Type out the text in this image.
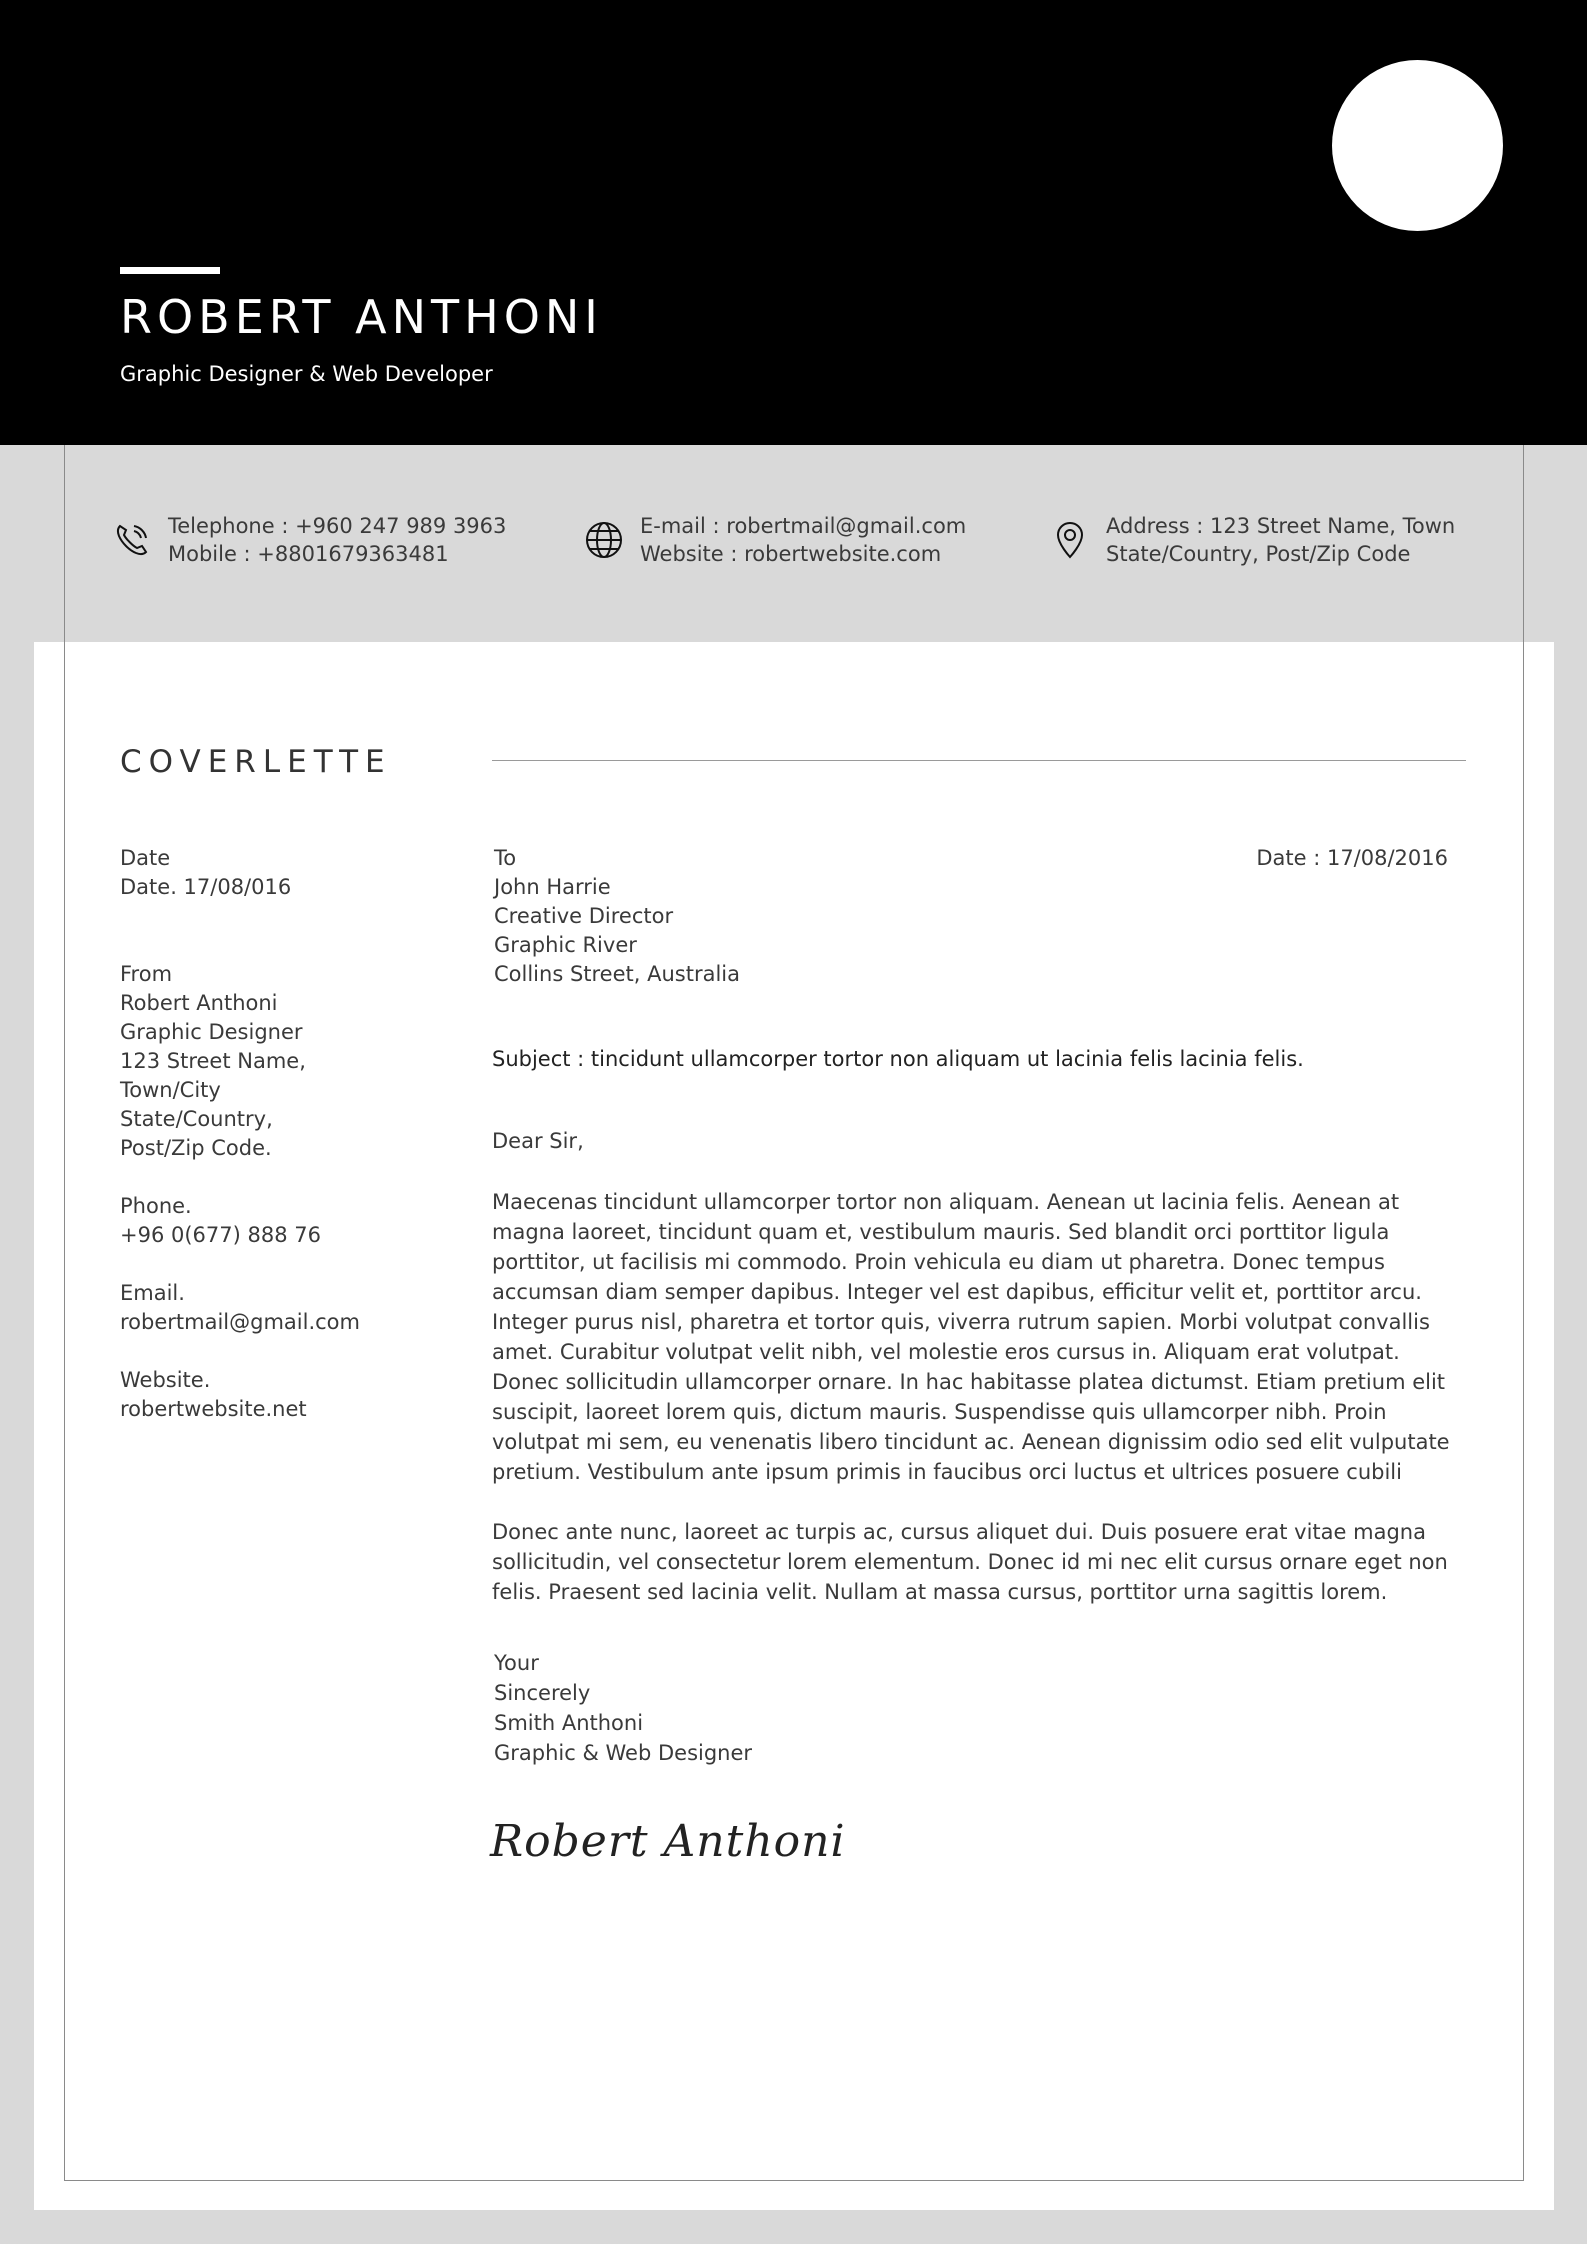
ROBERT ANTHONI
Graphic Designer & Web Developer
Telephone : +960 247 989 3963
Mobile : +8801679363481
E-mail : robertmail@gmail.com
Website : robertwebsite.com
Address : 123 Street Name, Town
State/Country, Post/Zip Code
COVERLETTE
Date
Date. 17/08/016
From
Robert Anthoni
Graphic Designer
123 Street Name,
Town/City
State/Country,
Post/Zip Code.
Phone.
+96 0(677) 888 76
Email.
robertmail@gmail.com
Website.
robertwebsite.net
To
John Harrie
Creative Director
Graphic River
Collins Street, Australia
Date : 17/08/2016
Subject : tincidunt ullamcorper tortor non aliquam ut lacinia felis lacinia felis.
Dear Sir,
Maecenas tincidunt ullamcorper tortor non aliquam. Aenean ut lacinia felis. Aenean at magna laoreet, tincidunt quam et, vestibulum mauris. Sed blandit orci porttitor ligula porttitor, ut facilisis mi commodo. Proin vehicula eu diam ut pharetra. Donec tempus accumsan diam semper dapibus. Integer vel est dapibus, efficitur velit et, porttitor arcu. Integer purus nisl, pharetra et tortor quis, viverra rutrum sapien. Morbi volutpat convallis amet. Curabitur volutpat velit nibh, vel molestie eros cursus in. Aliquam erat volutpat. Donec sollicitudin ullamcorper ornare. In hac habitasse platea dictumst. Etiam pretium elit suscipit, laoreet lorem quis, dictum mauris. Suspendisse quis ullamcorper nibh. Proin volutpat mi sem, eu venenatis libero tincidunt ac. Aenean dignissim odio sed elit vulputate pretium. Vestibulum ante ipsum primis in faucibus orci luctus et ultrices posuere cubili
Donec ante nunc, laoreet ac turpis ac, cursus aliquet dui. Duis posuere erat vitae magna sollicitudin, vel consectetur lorem elementum. Donec id mi nec elit cursus ornare eget non felis. Praesent sed lacinia velit. Nullam at massa cursus, porttitor urna sagittis lorem.
Your
Sincerely
Smith Anthoni
Graphic & Web Designer
Robert Anthoni
